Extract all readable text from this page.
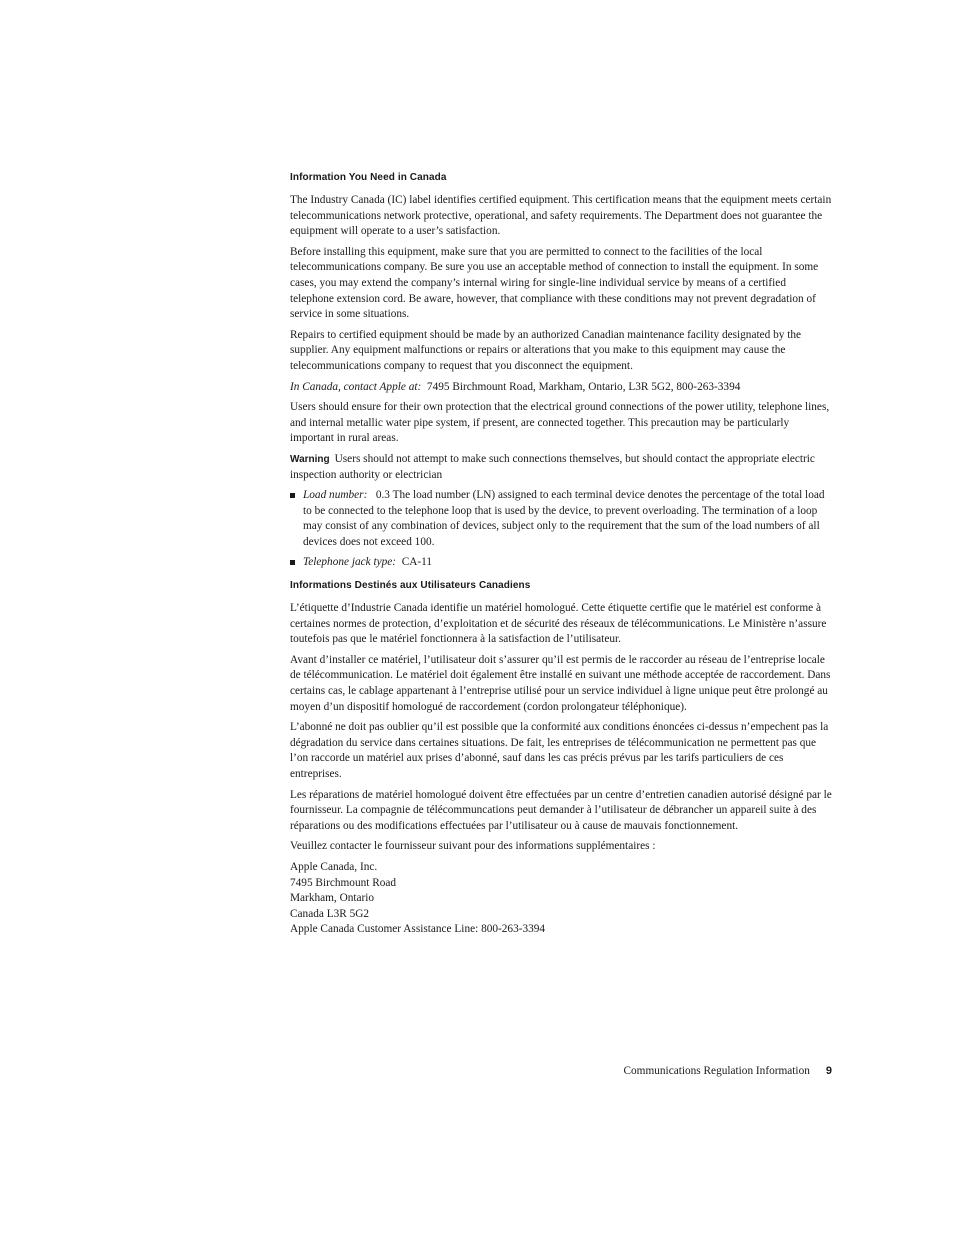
Information You Need in Canada

The Industry Canada (IC) label identifies certified equipment. This certification means that the equipment meets certain telecommunications network protective, operational, and safety requirements. The Department does not guarantee the equipment will operate to a user’s satisfaction.

Before installing this equipment, make sure that you are permitted to connect to the facilities of the local telecommunications company. Be sure you use an acceptable method of connection to install the equipment. In some cases, you may extend the company’s internal wiring for single-line individual service by means of a certified telephone extension cord. Be aware, however, that compliance with these conditions may not prevent degradation of service in some situations.

Repairs to certified equipment should be made by an authorized Canadian maintenance facility designated by the supplier. Any equipment malfunctions or repairs or alterations that you make to this equipment may cause the telecommunications company to request that you disconnect the equipment.

In Canada, contact Apple at: 7495 Birchmount Road, Markham, Ontario, L3R 5G2, 800-263-3394

Users should ensure for their own protection that the electrical ground connections of the power utility, telephone lines, and internal metallic water pipe system, if present, are connected together. This precaution may be particularly important in rural areas.

Warning Users should not attempt to make such connections themselves, but should contact the appropriate electric inspection authority or electrician

Load number: 0.3 The load number (LN) assigned to each terminal device denotes the percentage of the total load to be connected to the telephone loop that is used by the device, to prevent overloading. The termination of a loop may consist of any combination of devices, subject only to the requirement that the sum of the load numbers of all devices does not exceed 100.
Telephone jack type: CA-11
Informations Destinés aux Utilisateurs Canadiens

L’étiquette d’Industrie Canada identifie un matériel homologué. Cette étiquette certifie que le matériel est conforme à certaines normes de protection, d’exploitation et de sécurité des réseaux de télécommunications. Le Ministère n’assure toutefois pas que le matériel fonctionnera à la satisfaction de l’utilisateur.

Avant d’installer ce matériel, l’utilisateur doit s’assurer qu’il est permis de le raccorder au réseau de l’entreprise locale de télécommunication. Le matériel doit également être installé en suivant une méthode acceptée de raccordement. Dans certains cas, le cablage appartenant à l’entreprise utilisé pour un service individuel à ligne unique peut être prolongé au moyen d’un dispositif homologué de raccordement (cordon prolongateur téléphonique).

L’abonné ne doit pas oublier qu’il est possible que la conformité aux conditions énoncées ci-dessus n’empechent pas la dégradation du service dans certaines situations. De fait, les entreprises de télécommunication ne permettent pas que l’on raccorde un matériel aux prises d’abonné, sauf dans les cas précis prévus par les tarifs particuliers de ces entreprises.

Les réparations de matériel homologué doivent être effectuées par un centre d’entretien canadien autorisé désigné par le fournisseur. La compagnie de télécommuncations peut demander à l’utilisateur de débrancher un appareil suite à des réparations ou des modifications effectuées par l’utilisateur ou à cause de mauvais fonctionnement.

Veuillez contacter le fournisseur suivant pour des informations supplémentaires :

Apple Canada, Inc.

7495 Birchmount Road

Markham, Ontario

Canada L3R 5G2

Apple Canada Customer Assistance Line: 800-263-3394

Communications Regulation Information 9
